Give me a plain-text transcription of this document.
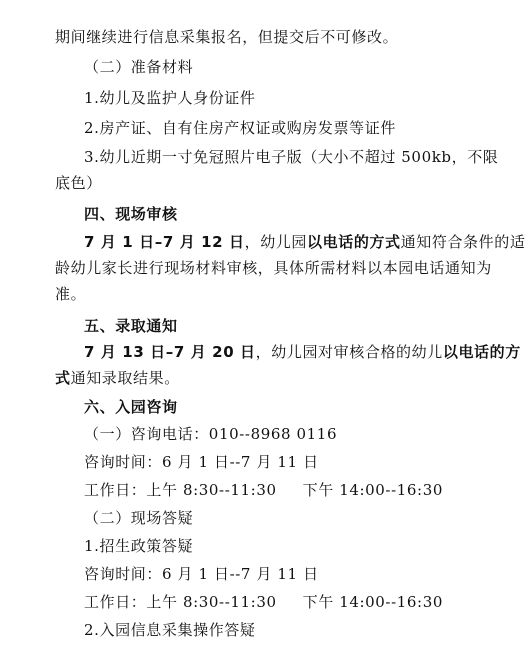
期间继续进行信息采集报名，但提交后不可修改。
（二）准备材料
1.幼儿及监护人身份证件
2.房产证、自有住房产权证或购房发票等证件
3.幼儿近期一寸免冠照片电子版（大小不超过 500kb，不限
底色）
四、现场审核
7 月 1 日–7 月 12 日，幼儿园以电话的方式通知符合条件的适
龄幼儿家长进行现场材料审核，具体所需材料以本园电话通知为
准。
五、录取通知
7 月 13 日–7 月 20 日，幼儿园对审核合格的幼儿以电话的方
式通知录取结果。
六、入园咨询
（一）咨询电话：010--8968 0116
咨询时间：6 月 1 日--7 月 11 日
工作日：上午 8:30--11:30 下午 14:00--16:30
（二）现场答疑
1.招生政策答疑
咨询时间：6 月 1 日--7 月 11 日
工作日：上午 8:30--11:30 下午 14:00--16:30
2.入园信息采集操作答疑
